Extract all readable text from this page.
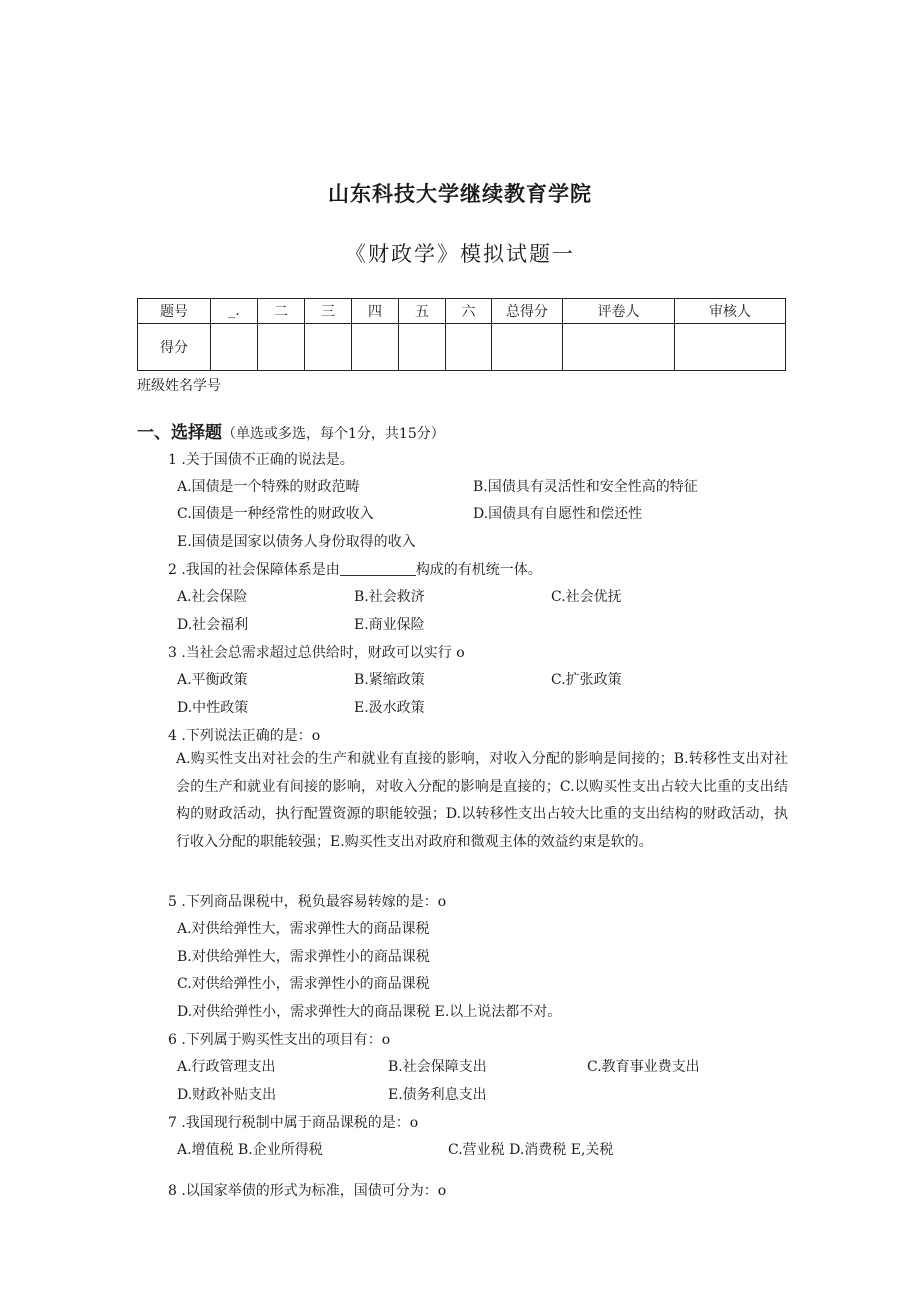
山东科技大学继续教育学院
《财政学》模拟试题一
题号	_.	二	三	四	五	六	总得分	评卷人	审核人
得分									
班级姓名学号
一、选择题（单选或多选，每个1分，共15分）
1 .关于国债不正确的说法是。
A.国债是一个特殊的财政范畴	B.国债具有灵活性和安全性高的特征
C.国债是一种经常性的财政收入	D.国债具有自愿性和偿还性
E.国债是国家以债务人身份取得的收入
2 .我国的社会保障体系是由	构成的有机统一体。
A.社会保险	B.社会救济	C.社会优抚
D.社会福利	E.商业保险
3 .当社会总需求超过总供给时，财政可以实行 o
A.平衡政策	B.紧缩政策	C.扩张政策
D.中性政策	E.汲水政策
4 .下列说法正确的是：o
A.购买性支出对社会的生产和就业有直接的影响，对收入分配的影响是间接的；B.转移性支出对社会的生产和就业有间接的影响，对收入分配的影响是直接的；C.以购买性支出占较大比重的支出结构的财政活动，执行配置资源的职能较强；D.以转移性支出占较大比重的支出结构的财政活动，执行收入分配的职能较强；E.购买性支出对政府和微观主体的效益约束是软的。
5 .下列商品课税中，税负最容易转嫁的是：o
A.对供给弹性大，需求弹性大的商品课税
B.对供给弹性大，需求弹性小的商品课税
C.对供给弹性小，需求弹性小的商品课税
D.对供给弹性小，需求弹性大的商品课税 E.以上说法都不对。
6 .下列属于购买性支出的项目有：o
A.行政管理支出	B.社会保障支出	C.教育事业费支出
D.财政补贴支出	E.债务利息支出
7 .我国现行税制中属于商品课税的是：o
A.增值税 B.企业所得税	C.营业税 D.消费税 E,关税
8 .以国家举债的形式为标准，国债可分为：o
